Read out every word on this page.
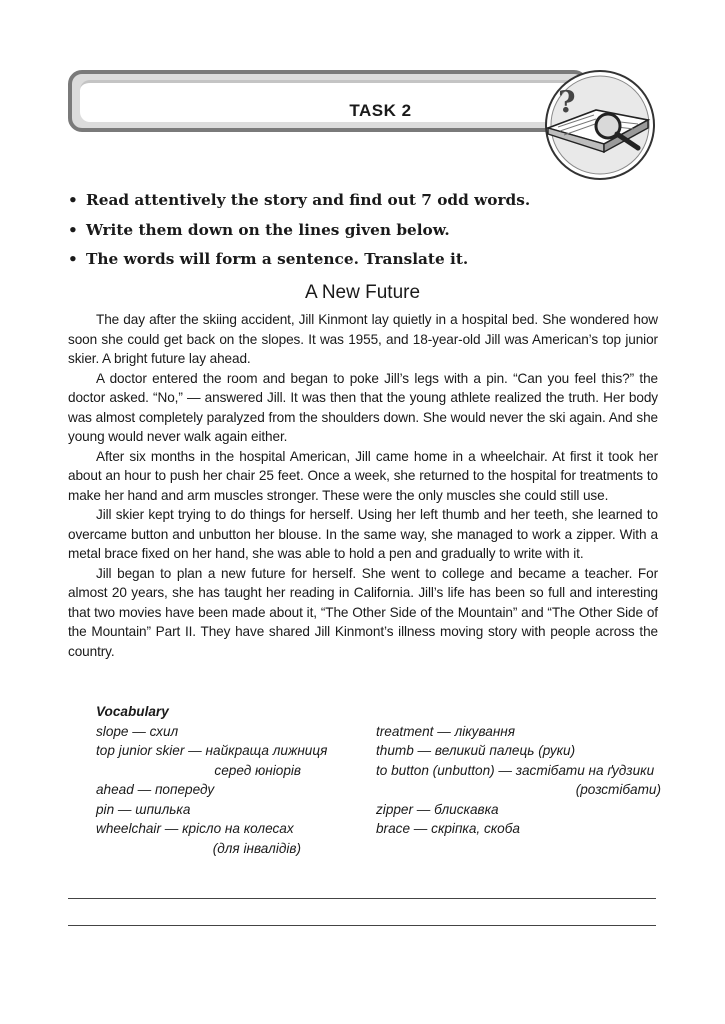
TASK 2	?
• Read attentively the story and find out 7 odd words.
• Write them down on the lines given below.
• The words will form a sentence. Translate it.
A New Future

The day after the skiing accident, Jill Kinmont lay quietly in a hospital bed. She wondered how soon she could get back on the slopes. It was 1955, and 18-year-old Jill was American’s top junior skier. A bright future lay ahead.

A doctor entered the room and began to poke Jill’s legs with a pin. “Can you feel this?” the doctor asked. “No,” — answered Jill. It was then that the young athlete realized the truth. Her body was almost completely paralyzed from the shoulders down. She would never the ski again. And she young would never walk again either.

After six months in the hospital American, Jill came home in a wheelchair. At first it took her about an hour to push her chair 25 feet. Once a week, she returned to the hospital for treatments to make her hand and arm muscles stronger. These were the only muscles she could still use.

Jill skier kept trying to do things for herself. Using her left thumb and her teeth, she learned to overcame button and unbutton her blouse. In the same way, she managed to work a zipper. With a metal brace fixed on her hand, she was able to hold a pen and gradually to write with it.

Jill began to plan a new future for herself. She went to college and became a teacher. For almost 20 years, she has taught her reading in California. Jill’s life has been so full and interesting that two movies have been made about it, “The Other Side of the Mountain” and “The Other Side of the Mountain” Part II. They have shared Jill Kinmont’s illness moving story with people across the country.

Vocabulary
slope — схил
top junior skier — найкраща лижниця
серед юніорів
ahead — попереду
pin — шпилька
wheelchair — крісло на колесах
(для інвалідів)
treatment — лікування
thumb — великий палець (руки)
to button (unbutton) — застібати на ґудзики
(розстібати)
zipper — блискавка
brace — скріпка, скоба
